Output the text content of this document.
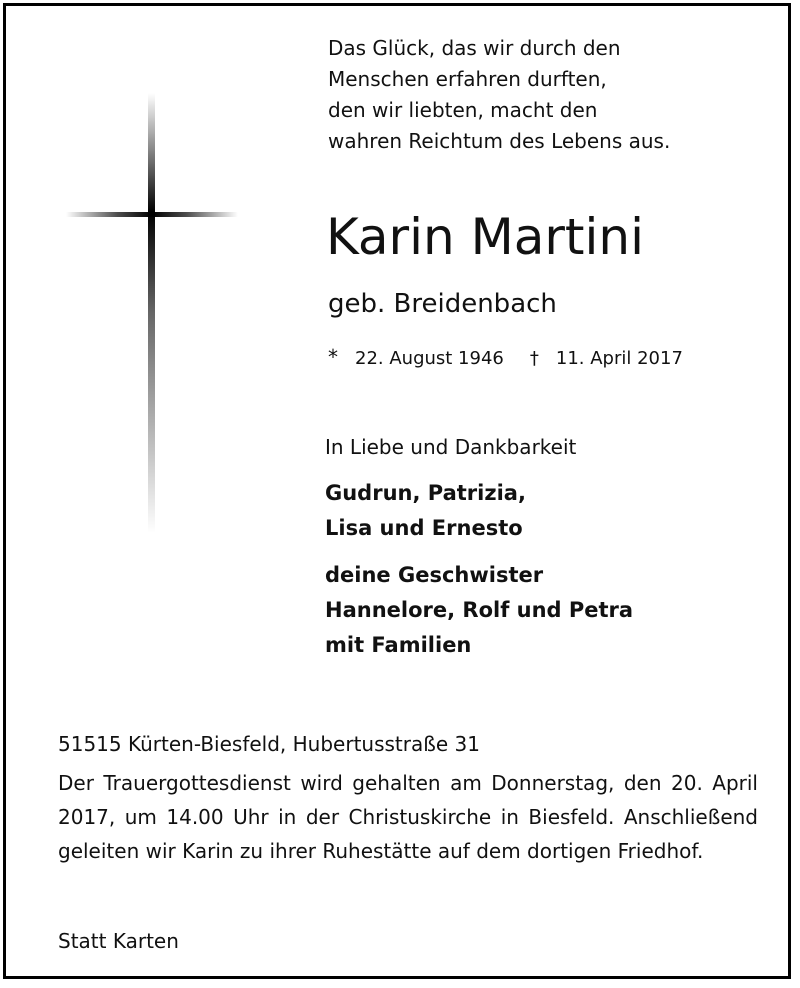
Das Glück, das wir durch den
Menschen erfahren durften,
den wir liebten, macht den
wahren Reichtum des Lebens aus.
Karin Martini
geb. Breidenbach
* 22. August 1946 † 11. April 2017
In Liebe und Dankbarkeit
Gudrun, Patrizia,
Lisa und Ernesto
deine Geschwister
Hannelore, Rolf und Petra
mit Familien
51515 Kürten-Biesfeld, Hubertusstraße 31
Der Trauergottesdienst wird gehalten am Donnerstag, den 20. April 2017, um 14.00 Uhr in der Christuskirche in Biesfeld. Anschließend geleiten wir Karin zu ihrer Ruhestätte auf dem dortigen Friedhof.
Statt Karten
